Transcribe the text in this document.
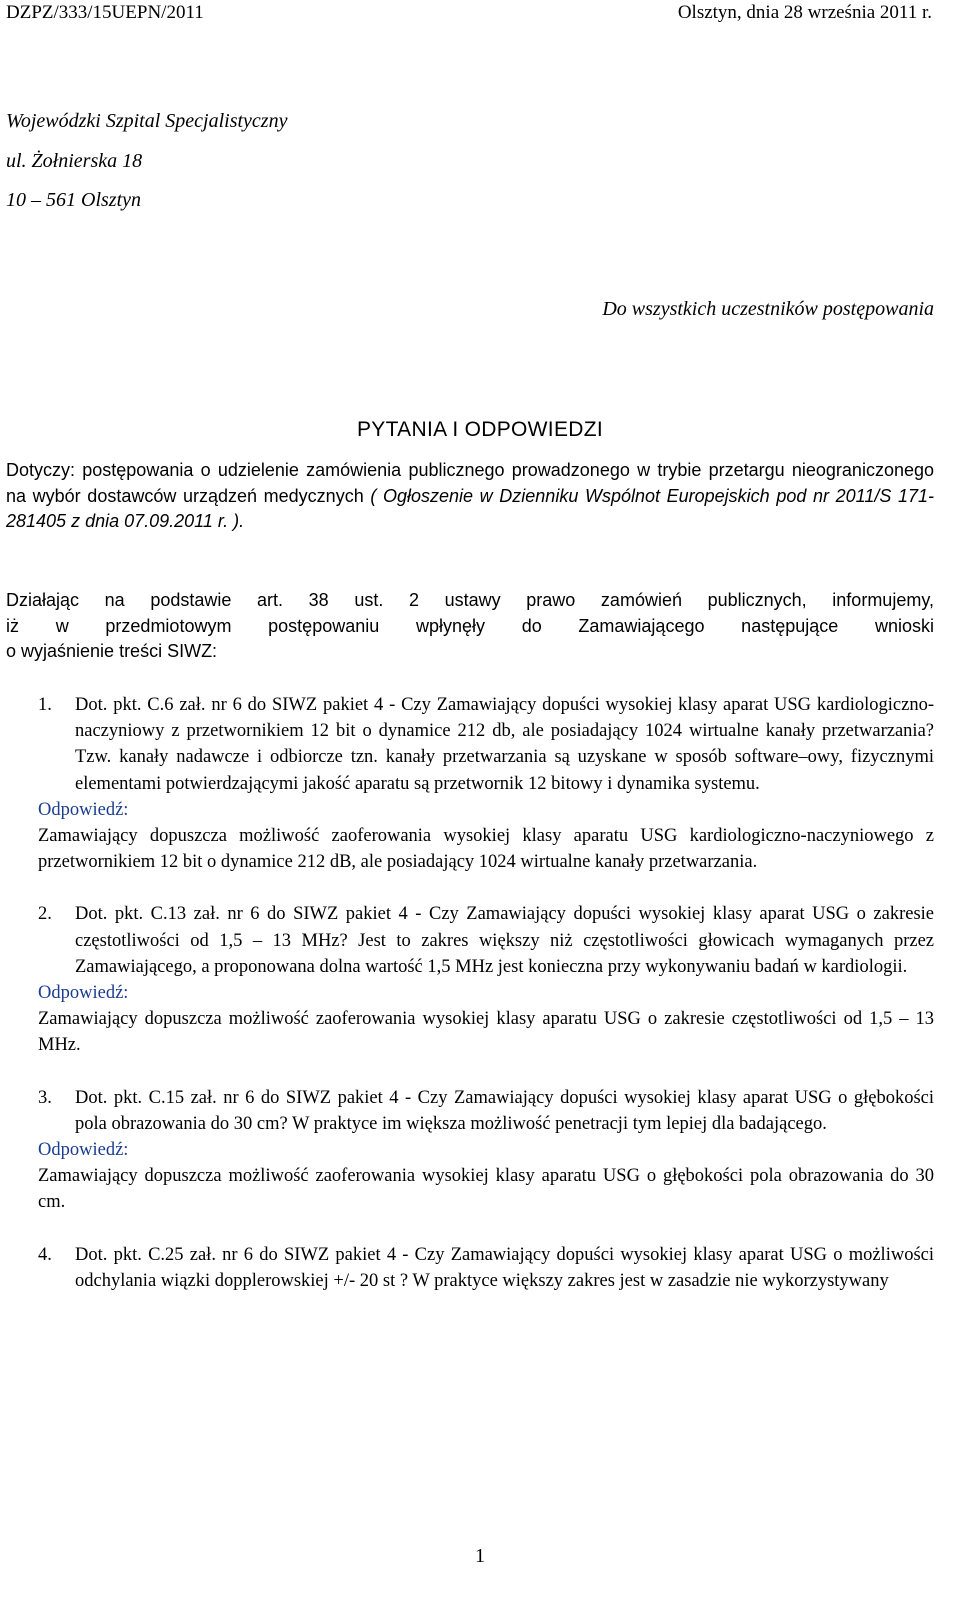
DZPZ/333/15UEPN/2011	Olsztyn, dnia 28 września 2011 r.
Wojewódzki Szpital Specjalistyczny
ul. Żołnierska 18
10 – 561 Olsztyn
Do wszystkich uczestników postępowania
PYTANIA I ODPOWIEDZI
Dotyczy: postępowania o udzielenie zamówienia publicznego prowadzonego w trybie przetargu nieograniczonego na wybór dostawców urządzeń medycznych ( Ogłoszenie w Dzienniku Wspólnot Europejskich pod nr 2011/S 171-281405 z dnia 07.09.2011 r. ).
Działając na podstawie art. 38 ust. 2 ustawy prawo zamówień publicznych, informujemy,
iż w przedmiotowym postępowaniu wpłynęły do Zamawiającego następujące wnioski
o wyjaśnienie treści SIWZ:
1. Dot. pkt. C.6 zał. nr 6 do SIWZ pakiet 4 - Czy Zamawiający dopuści wysokiej klasy aparat USG kardiologiczno-naczyniowy z przetwornikiem 12 bit o dynamice 212 db, ale posiadający 1024 wirtualne kanały przetwarzania? Tzw. kanały nadawcze i odbiorcze tzn. kanały przetwarzania są uzyskane w sposób software–owy, fizycznymi elementami potwierdzającymi jakość aparatu są przetwornik 12 bitowy i dynamika systemu.
Odpowiedź:
Zamawiający dopuszcza możliwość zaoferowania wysokiej klasy aparatu USG kardiologiczno-naczyniowego z przetwornikiem 12 bit o dynamice 212 dB, ale posiadający 1024 wirtualne kanały przetwarzania.
2. Dot. pkt. C.13 zał. nr 6 do SIWZ pakiet 4 - Czy Zamawiający dopuści wysokiej klasy aparat USG o zakresie częstotliwości od 1,5 – 13 MHz? Jest to zakres większy niż częstotliwości głowicach wymaganych przez Zamawiającego, a proponowana dolna wartość 1,5 MHz jest konieczna przy wykonywaniu badań w kardiologii.
Odpowiedź:
Zamawiający dopuszcza możliwość zaoferowania wysokiej klasy aparatu USG o zakresie częstotliwości od 1,5 – 13 MHz.
3. Dot. pkt. C.15 zał. nr 6 do SIWZ pakiet 4 - Czy Zamawiający dopuści wysokiej klasy aparat USG o głębokości pola obrazowania do 30 cm? W praktyce im większa możliwość penetracji tym lepiej dla badającego.
Odpowiedź:
Zamawiający dopuszcza możliwość zaoferowania wysokiej klasy aparatu USG o głębokości pola obrazowania do 30 cm.
4. Dot. pkt. C.25 zał. nr 6 do SIWZ pakiet 4 - Czy Zamawiający dopuści wysokiej klasy aparat USG o możliwości odchylania wiązki dopplerowskiej +/- 20 st ? W praktyce większy zakres jest w zasadzie nie wykorzystywany
1
